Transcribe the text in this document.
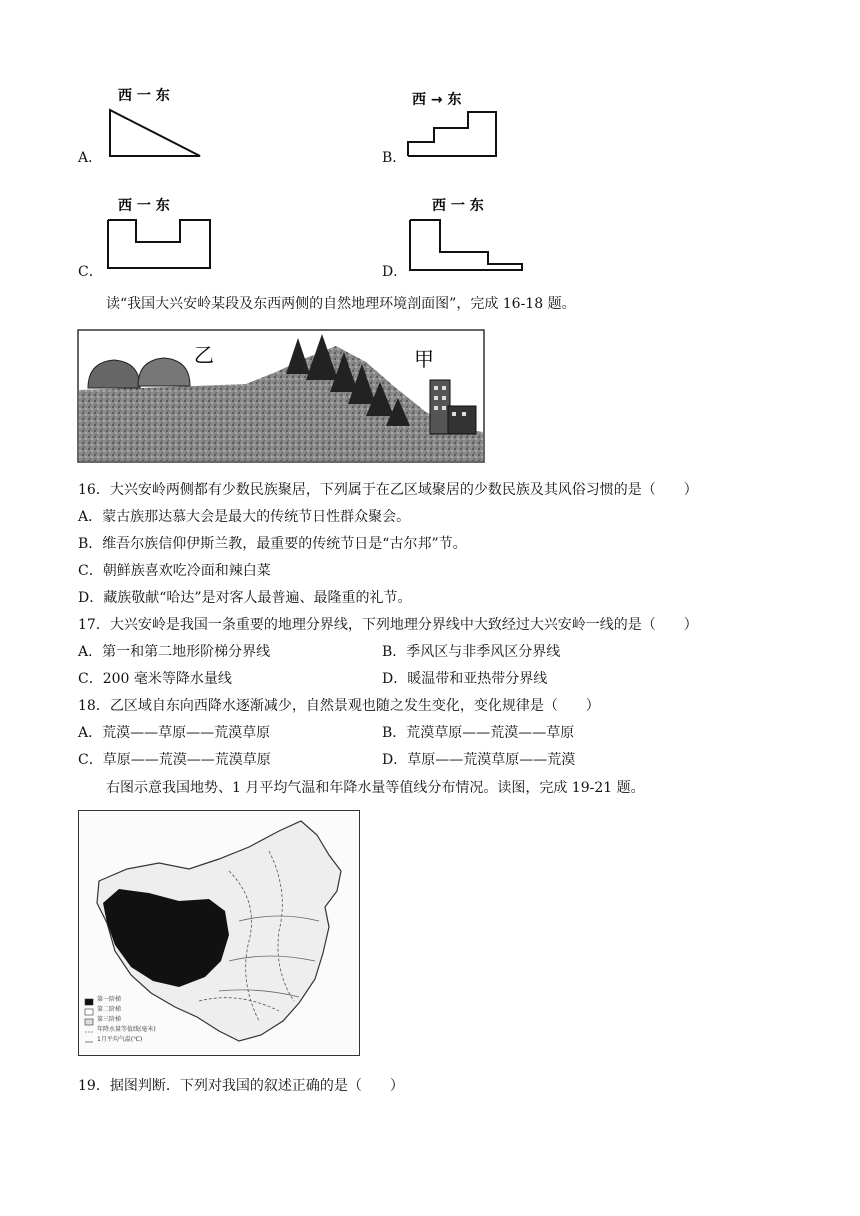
A．
西 一 东
B．
西 → 东
C．
西 一 东
D．
西 一 东
读“我国大兴安岭某段及东西两侧的自然地理环境剖面图”，完成 16-18 题。
乙	甲
16．大兴安岭两侧都有少数民族聚居，下列属于在乙区域聚居的少数民族及其风俗习惯的是（　　）
A．蒙古族那达慕大会是最大的传统节日性群众聚会。
B．维吾尔族信仰伊斯兰教，最重要的传统节日是“古尔邦”节。
C．朝鲜族喜欢吃冷面和辣白菜
D．藏族敬献“哈达”是对客人最普遍、最隆重的礼节。
17．大兴安岭是我国一条重要的地理分界线，下列地理分界线中大致经过大兴安岭一线的是（　　）
A．第一和第二地形阶梯分界线	B．季风区与非季风区分界线
C．200 毫米等降水量线	D．暖温带和亚热带分界线
18．乙区域自东向西降水逐渐减少，自然景观也随之发生变化，变化规律是（　　）
A．荒漠——草原——荒漠草原	B．荒漠草原——荒漠——草原
C．草原——荒漠——荒漠草原	D．草原——荒漠草原——荒漠
右图示意我国地势、1 月平均气温和年降水量等值线分布情况。读图，完成 19-21 题。
第一阶梯
第二阶梯
第三阶梯
年降水量等值线(毫米)
1月平均气温(℃)
19．据图判断．下列对我国的叙述正确的是（　　）
